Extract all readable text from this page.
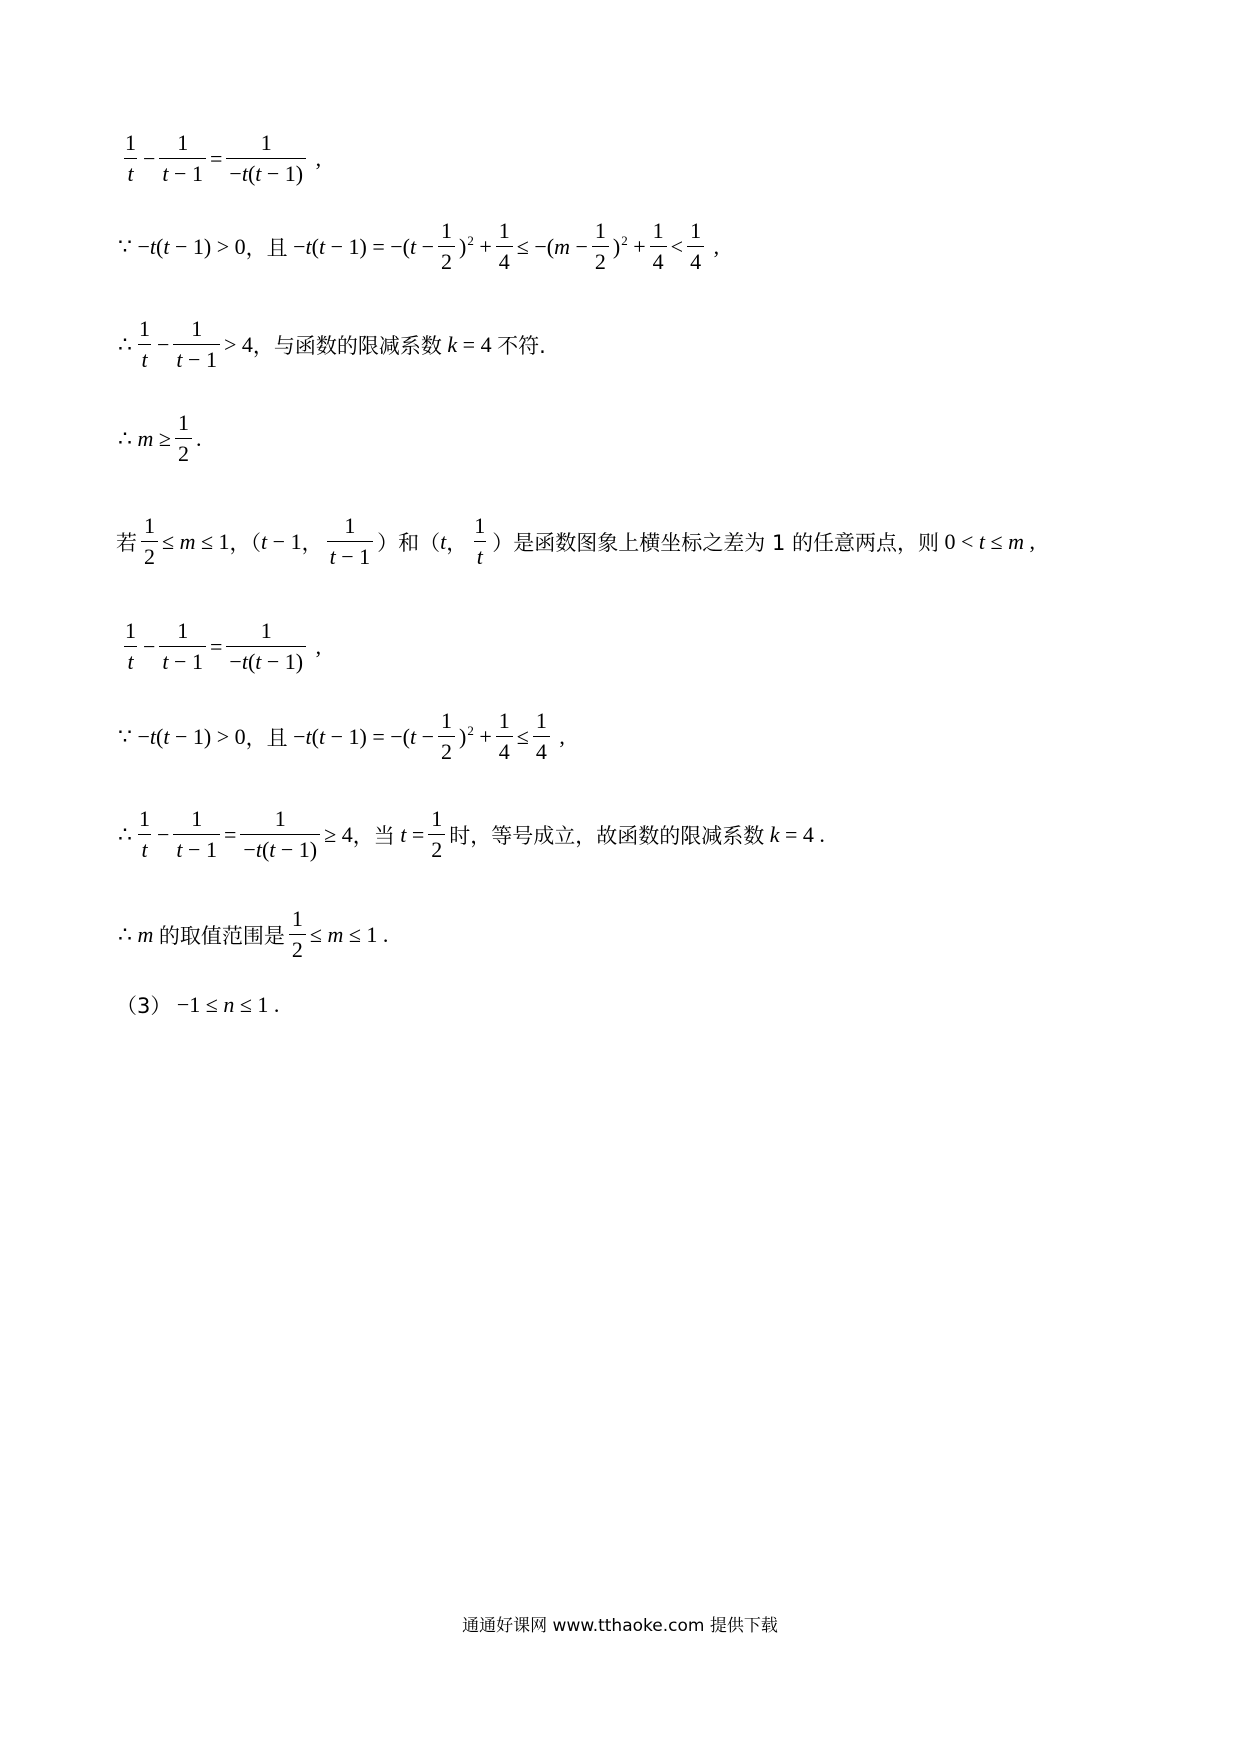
$\frac{1}{t} - \frac{1}{t - 1} = \frac{1}{-t(t - 1)}$ ,
∵ −t(t − 1) > 0 ，且 $-t(t - 1) = -(t - \frac{1}{2} )^2 + \frac{1}{4} \le -(m - \frac{1}{2} )^2 + \frac{1}{4} < \frac{1}{4}$ ,
∴ $\frac{1}{t} - \frac{1}{t - 1} > 4$ ，与函数的限减系数 k = 4 不符.
∴ $m \ge \frac{1}{2}$ .
若 $\frac{1}{2} \le m \le 1$ ，（ t − 1 ， $\frac{1}{t - 1}$ ）和（ t ， $\frac{1}{t}$ ）是函数图象上横坐标之差为 1 的任意两点，则 0 < t ≤ m ,
$\frac{1}{t} - \frac{1}{t - 1} = \frac{1}{-t(t - 1)}$ ,
∵ −t(t − 1) > 0 ，且 $-t(t - 1) = -(t - \frac{1}{2} )^2 + \frac{1}{4} \le \frac{1}{4}$ ,
∴ $\frac{1}{t} - \frac{1}{t - 1} = \frac{1}{-t(t - 1)} \ge 4$ ，当 $t = \frac{1}{2}$ 时，等号成立，故函数的限减系数 k = 4 .
∴ m 的取值范围是 $\frac{1}{2} \le m \le 1$ .
（3） −1 ≤ n ≤ 1 .
通通好课网 www.tthaoke.com 提供下载
